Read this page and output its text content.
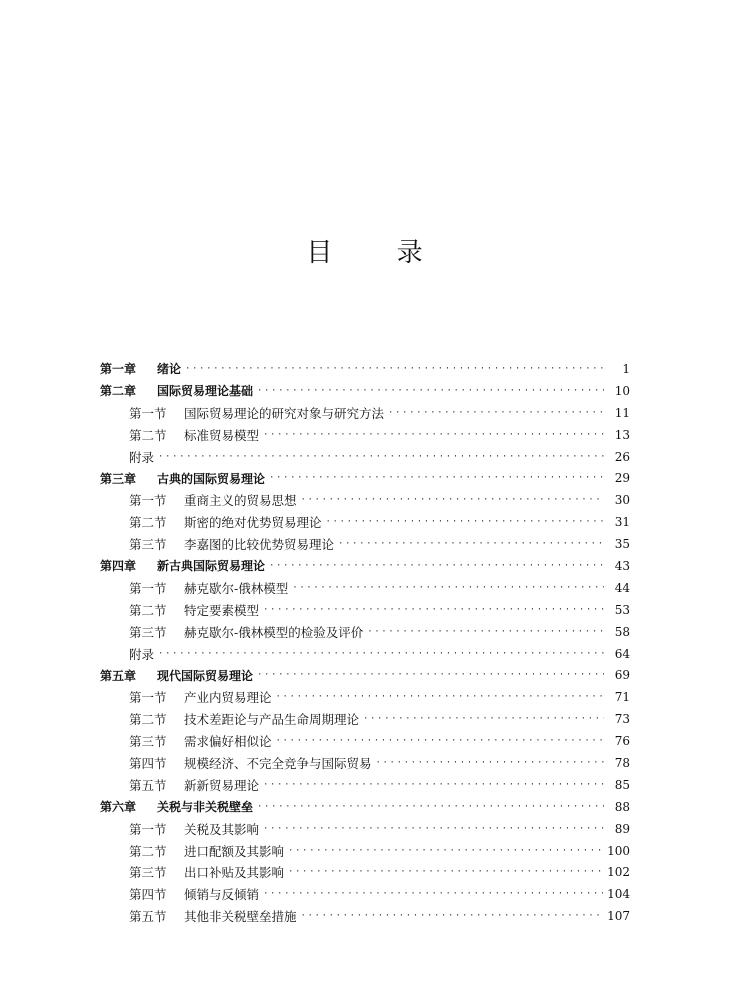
目 录
第一章	绪论 ·····	1
第二章	国际贸易理论基础 ·····	10
第一节	国际贸易理论的研究对象与研究方法 ·····	11
第二节	标准贸易模型 ·····	13
附录 ·····	26
第三章	古典的国际贸易理论 ·····	29
第一节	重商主义的贸易思想 ·····	30
第二节	斯密的绝对优势贸易理论 ·····	31
第三节	李嘉图的比较优势贸易理论 ·····	35
第四章	新古典国际贸易理论 ·····	43
第一节	赫克歇尔-俄林模型 ·····	44
第二节	特定要素模型 ·····	53
第三节	赫克歇尔-俄林模型的检验及评价 ·····	58
附录 ·····	64
第五章	现代国际贸易理论 ·····	69
第一节	产业内贸易理论 ·····	71
第二节	技术差距论与产品生命周期理论 ·····	73
第三节	需求偏好相似论 ·····	76
第四节	规模经济、不完全竞争与国际贸易 ·····	78
第五节	新新贸易理论 ·····	85
第六章	关税与非关税壁垒 ·····	88
第一节	关税及其影响 ·····	89
第二节	进口配额及其影响 ·····	100
第三节	出口补贴及其影响 ·····	102
第四节	倾销与反倾销 ·····	104
第五节	其他非关税壁垒措施 ·····	107
